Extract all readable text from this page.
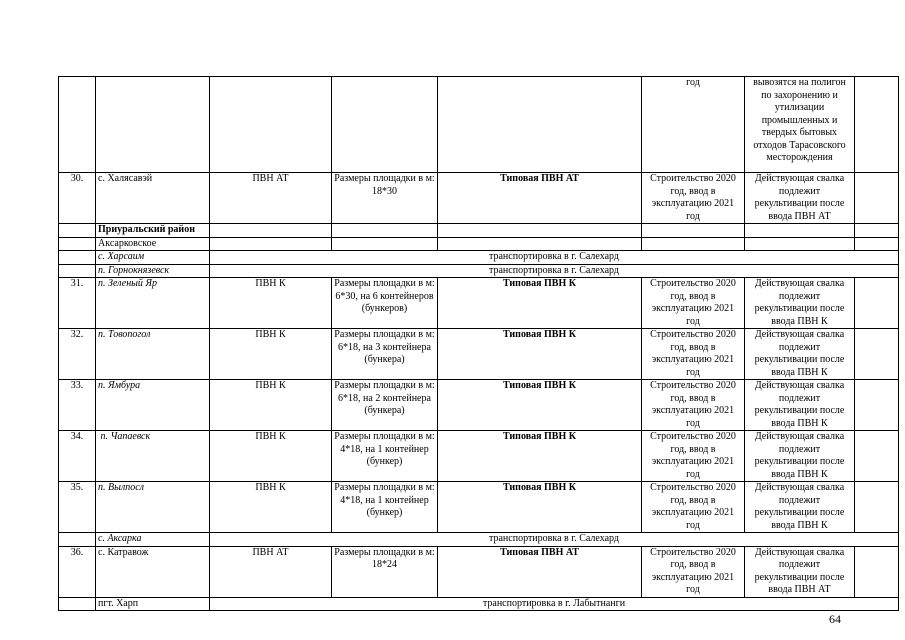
					год	вывозятся на полигон по захоронению и утилизации промышленных и твердых бытовых отходов Тарасовского месторождения	
30.	с. Халясавэй	ПВН АТ	Размеры площадки в м: 18*30	Типовая ПВН АТ	Строительство 2020 год, ввод в эксплуатацию 2021 год	Действующая свалка подлежит рекультивации после ввода ПВН АТ	
	Приуральский район						
	Аксарковское						
	с. Харсаим	транспортировка в г. Салехард					
	п. Горнокнязевск	транспортировка в г. Салехард					
31.	п. Зеленый Яр	ПВН К	Размеры площадки в м: 6*30, на 6 контейнеров (бункеров)	Типовая ПВН К	Строительство 2020 год, ввод в эксплуатацию 2021 год	Действующая свалка подлежит рекультивации после ввода ПВН К	
32.	п. Товопогол	ПВН К	Размеры площадки в м: 6*18, на 3 контейнера (бункера)	Типовая ПВН К	Строительство 2020 год, ввод в эксплуатацию 2021 год	Действующая свалка подлежит рекультивации после ввода ПВН К	
33.	п. Ямбура	ПВН К	Размеры площадки в м: 6*18, на 2 контейнера (бункера)	Типовая ПВН К	Строительство 2020 год, ввод в эксплуатацию 2021 год	Действующая свалка подлежит рекультивации после ввода ПВН К	
34.	п. Чапаевск	ПВН К	Размеры площадки в м: 4*18, на 1 контейнер (бункер)	Типовая ПВН К	Строительство 2020 год, ввод в эксплуатацию 2021 год	Действующая свалка подлежит рекультивации после ввода ПВН К	
35.	п. Вылпосл	ПВН К	Размеры площадки в м: 4*18, на 1 контейнер (бункер)	Типовая ПВН К	Строительство 2020 год, ввод в эксплуатацию 2021 год	Действующая свалка подлежит рекультивации после ввода ПВН К	
	с. Аксарка	транспортировка в г. Салехард					
36.	с. Катравож	ПВН АТ	Размеры площадки в м: 18*24	Типовая ПВН АТ	Строительство 2020 год, ввод в эксплуатацию 2021 год	Действующая свалка подлежит рекультивации после ввода ПВН АТ	
	пгт. Харп	транспортировка в г. Лабытнанги					
64
